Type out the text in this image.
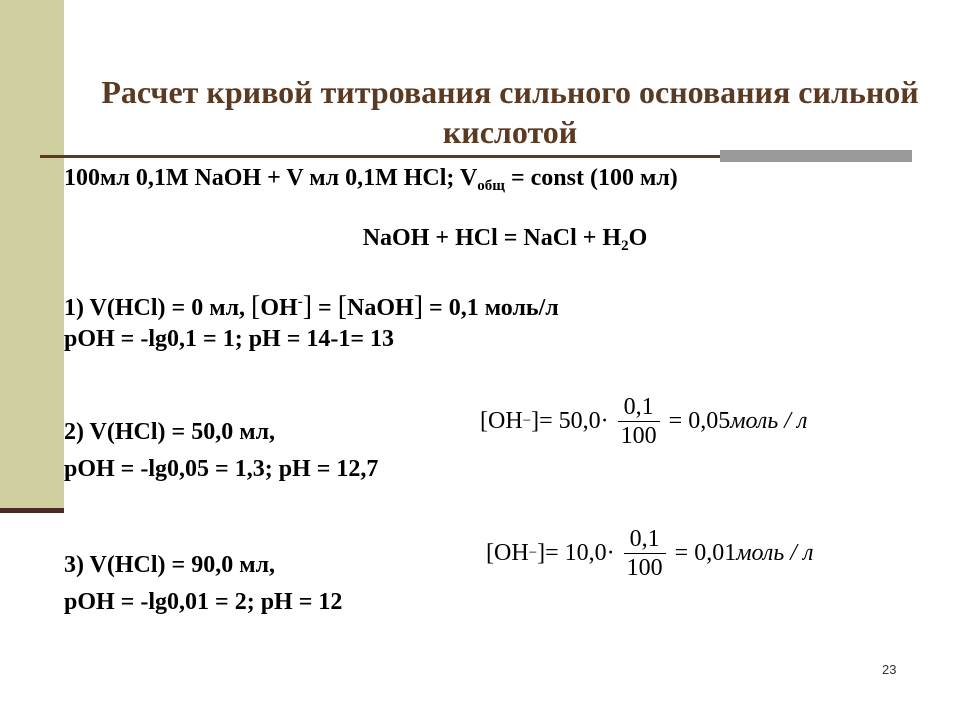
Расчет кривой титрования сильного основания сильной кислотой
100мл 0,1М NaOH + V мл 0,1М HCl; $V_{общ}$ = const (100 мл)
NaOH + HCl = NaCl + $H_2O$
1) V(HCl) = 0 мл, [OH-] = [NaOH] = 0,1 моль/л
рОН = -lg0,1 = 1; рН = 14-1= 13
2) V(HCl) = 50,0 мл,
рОН = -lg0,05 = 1,3; рН = 12,7
[OH − ] = $50,0\cdot \frac{0,1}{100} = 0,05$ моль / л
3) V(HCl) = 90,0 мл,
рОН = -lg0,01 = 2; рН = 12
[OH − ] = $10,0\cdot \frac{0,1}{100} = 0,01$ моль / л
23
